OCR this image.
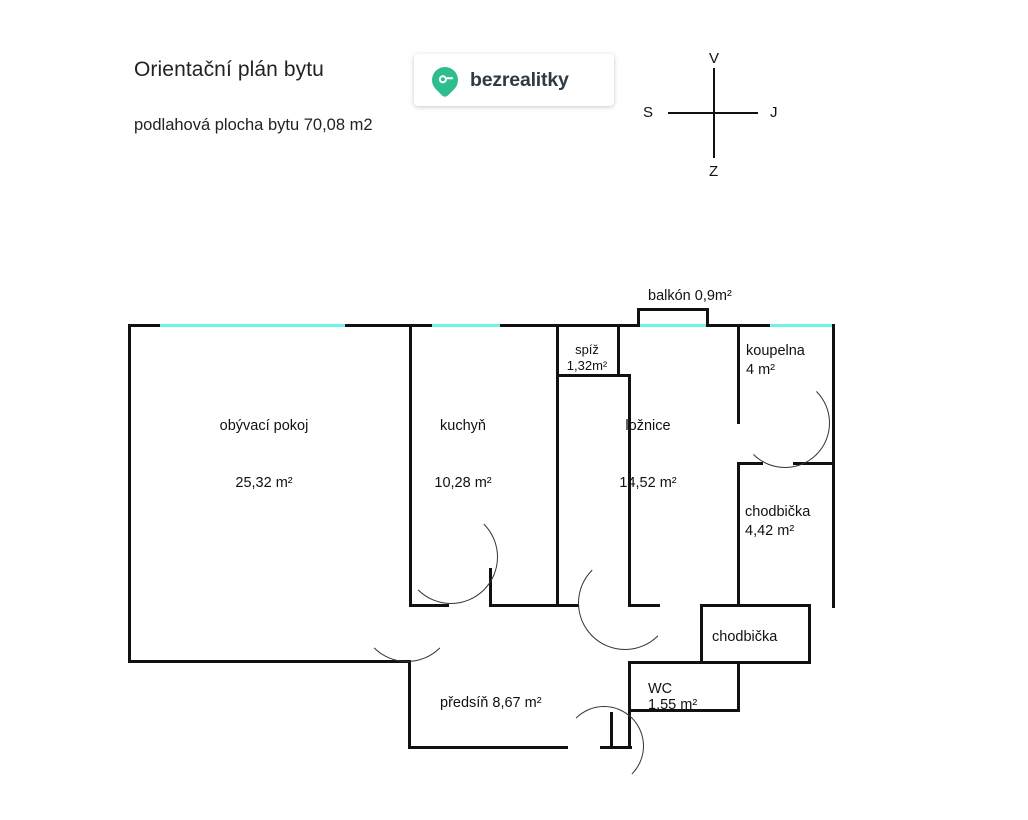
Orientační plán bytu
podlahová plocha bytu 70,08 m2
bezrealitky
V
S	J
Z
balkón 0,9m²
obývací pokoj
25,32 m²
kuchyň
10,28 m²
spíž
1,32m²
ložnice
14,52 m²
koupelna
4 m²
chodbička
4,42 m²
chodbička
předsíň 8,67 m²
WC
1,55 m²
